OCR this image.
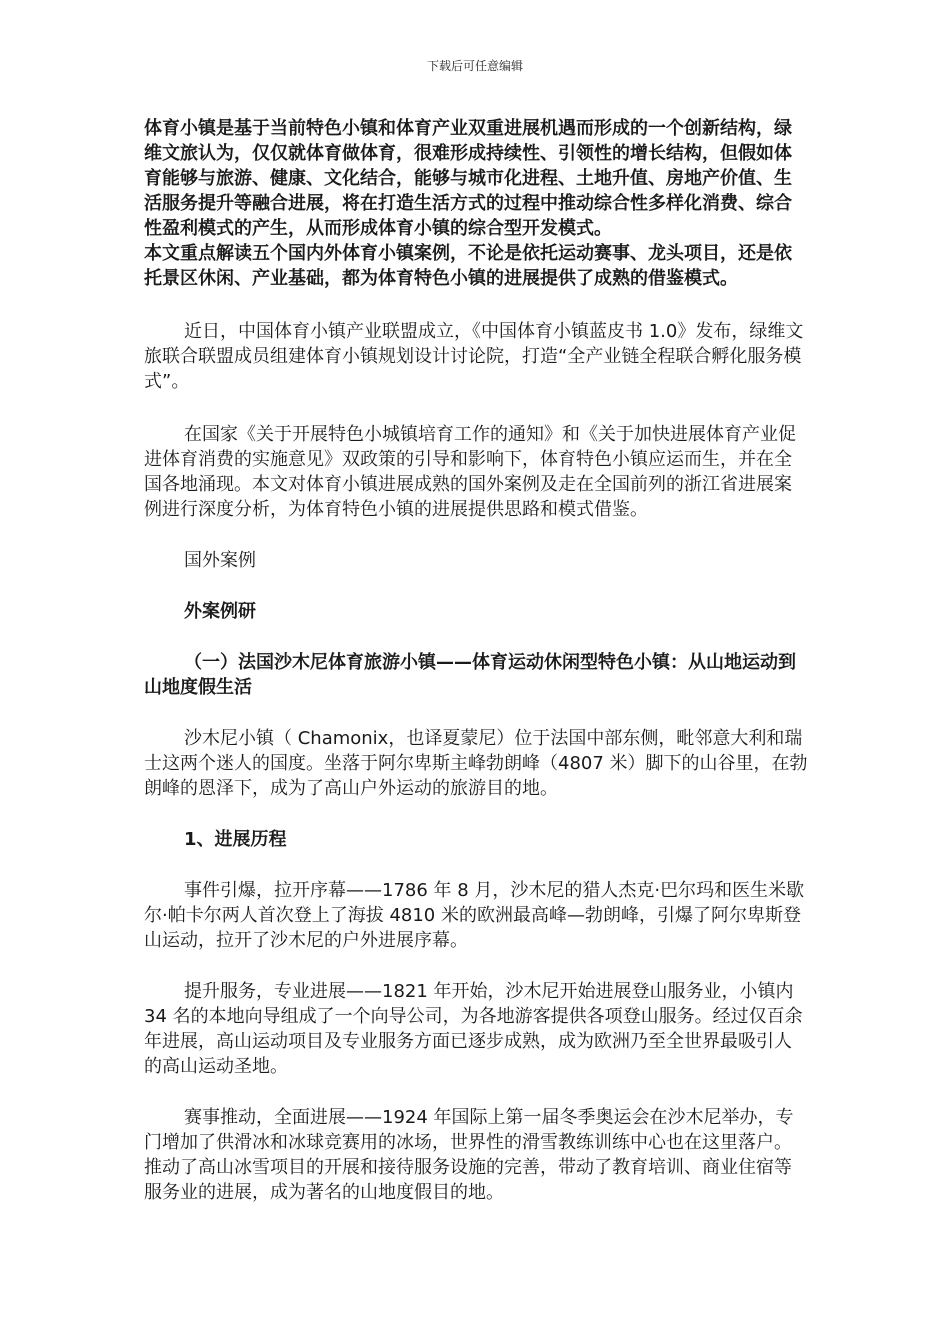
下载后可任意编辑

体育小镇是基于当前特色小镇和体育产业双重进展机遇而形成的一个创新结构，绿维文旅认为，仅仅就体育做体育，很难形成持续性、引领性的增长结构，但假如体育能够与旅游、健康、文化结合，能够与城市化进程、土地升值、房地产价值、生活服务提升等融合进展，将在打造生活方式的过程中推动综合性多样化消费、综合性盈利模式的产生，从而形成体育小镇的综合型开发模式。

本文重点解读五个国内外体育小镇案例，不论是依托运动赛事、龙头项目，还是依托景区休闲、产业基础，都为体育特色小镇的进展提供了成熟的借鉴模式。

近日，中国体育小镇产业联盟成立，《中国体育小镇蓝皮书 1.0》发布，绿维文旅联合联盟成员组建体育小镇规划设计讨论院，打造“全产业链全程联合孵化服务模式”。

在国家《关于开展特色小城镇培育工作的通知》和《关于加快进展体育产业促进体育消费的实施意见》双政策的引导和影响下，体育特色小镇应运而生，并在全国各地涌现。本文对体育小镇进展成熟的国外案例及走在全国前列的浙江省进展案例进行深度分析，为体育特色小镇的进展提供思路和模式借鉴。

国外案例

外案例研

（一）法国沙木尼体育旅游小镇——体育运动休闲型特色小镇：从山地运动到山地度假生活

沙木尼小镇（ Chamonix，也译夏蒙尼）位于法国中部东侧，毗邻意大利和瑞士这两个迷人的国度。坐落于阿尔卑斯主峰勃朗峰（4807 米）脚下的山谷里，在勃朗峰的恩泽下，成为了高山户外运动的旅游目的地。

1、进展历程

事件引爆，拉开序幕——1786 年 8 月，沙木尼的猎人杰克·巴尔玛和医生米歇尔·帕卡尔两人首次登上了海拔 4810 米的欧洲最高峰—勃朗峰，引爆了阿尔卑斯登山运动，拉开了沙木尼的户外进展序幕。

提升服务，专业进展——1821 年开始，沙木尼开始进展登山服务业，小镇内 34 名的本地向导组成了一个向导公司，为各地游客提供各项登山服务。经过仅百余年进展，高山运动项目及专业服务方面已逐步成熟，成为欧洲乃至全世界最吸引人的高山运动圣地。

赛事推动，全面进展——1924 年国际上第一届冬季奥运会在沙木尼举办，专门增加了供滑冰和冰球竞赛用的冰场，世界性的滑雪教练训练中心也在这里落户。推动了高山冰雪项目的开展和接待服务设施的完善，带动了教育培训、商业住宿等服务业的进展，成为著名的山地度假目的地。
